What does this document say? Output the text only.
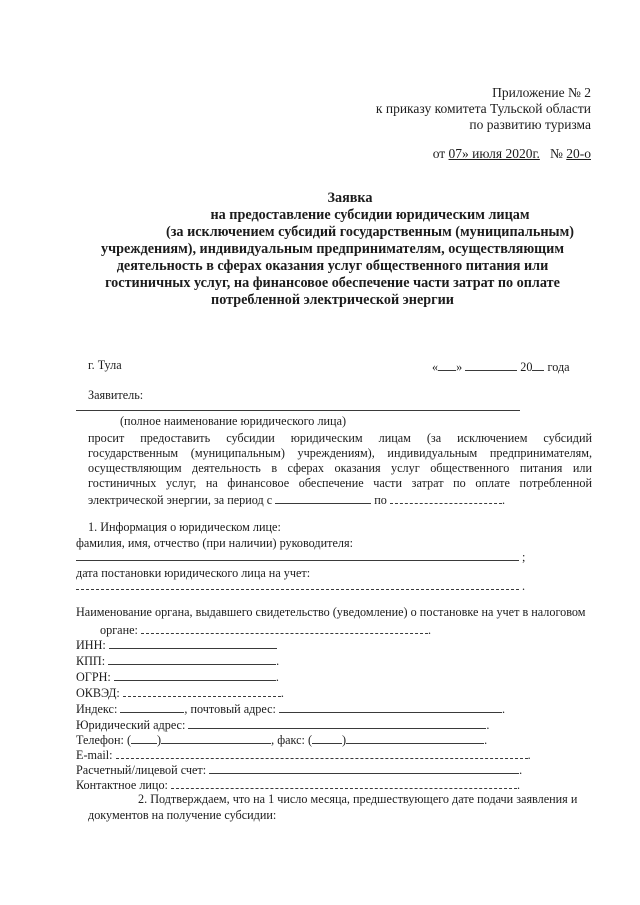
Приложение № 2
к приказу комитета Тульской области
по развитию туризма
от 07» июля 2020г. № 20-о
Заявка
на предоставление субсидии юридическим лицам
(за исключением субсидий государственным (муниципальным)
учреждениям), индивидуальным предпринимателям, осуществляющим
деятельность в сферах оказания услуг общественного питания или
гостиничных услуг, на финансовое обеспечение части затрат по оплате
потребленной электрической энергии
г. Тула	« »	20 года
Заявитель:
(полное наименование юридического лица)
просит предоставить субсидии юридическим лицам (за исключением субсидий
государственным (муниципальным) учреждениям), индивидуальным предпринимателям,
осуществляющим деятельность в сферах оказания услуг общественного питания или
гостиничных услуг, на финансовое обеспечение части затрат по оплате потребленной
электрической энергии, за период с	по	.
1. Информация о юридическом лице:
фамилия, имя, отчество (при наличии) руководителя:
;
дата постановки юридического лица на учет:
.
Наименование органа, выдавшего свидетельство (уведомление) о постановке на учет в налоговом
органе:	.
ИНН:
КПП:	.
ОГРН:	.
ОКВЭД:	.
Индекс:	, почтовый адрес:	.
Юридический адрес:	.
Телефон: ( )	, факс: ( )	.
E-mail:	.
Расчетный/лицевой счет:	.
Контактное лицо:	.
2. Подтверждаем, что на 1 число месяца, предшествующего дате подачи заявления и
документов на получение субсидии:
